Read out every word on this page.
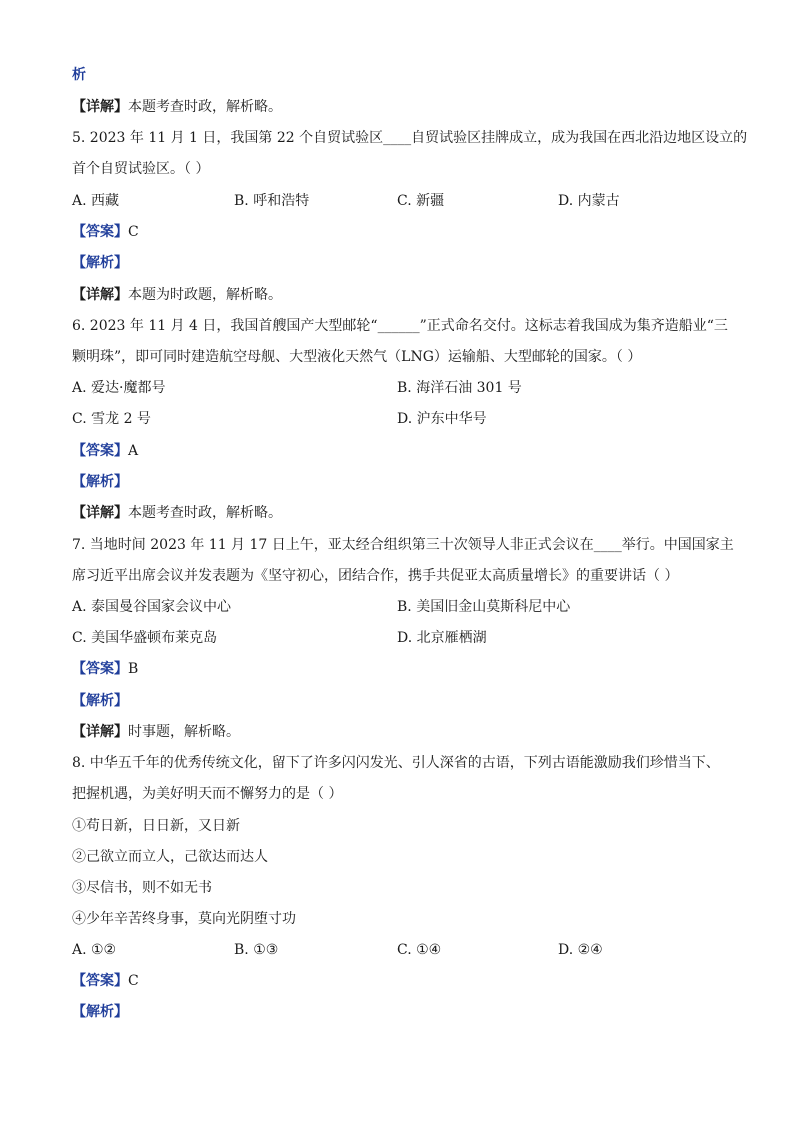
析
【详解】本题考查时政，解析略。
5. 2023 年 11 月 1 日，我国第 22 个自贸试验区____自贸试验区挂牌成立，成为我国在西北沿边地区设立的
首个自贸试验区。（ ）
A. 西藏	B. 呼和浩特	C. 新疆	D. 内蒙古
【答案】C
【解析】
【详解】本题为时政题，解析略。
6. 2023 年 11 月 4 日，我国首艘国产大型邮轮“______”正式命名交付。这标志着我国成为集齐造船业“三
颗明珠”，即可同时建造航空母舰、大型液化天然气（LNG）运输船、大型邮轮的国家。（ ）
A. 爱达·魔都号	B. 海洋石油 301 号
C. 雪龙 2 号	D. 沪东中华号
【答案】A
【解析】
【详解】本题考查时政，解析略。
7. 当地时间 2023 年 11 月 17 日上午，亚太经合组织第三十次领导人非正式会议在____举行。中国国家主
席习近平出席会议并发表题为《坚守初心，团结合作，携手共促亚太高质量增长》的重要讲话（ ）
A. 泰国曼谷国家会议中心	B. 美国旧金山莫斯科尼中心
C. 美国华盛顿布莱克岛	D. 北京雁栖湖
【答案】B
【解析】
【详解】时事题，解析略。
8. 中华五千年的优秀传统文化，留下了许多闪闪发光、引人深省的古语，下列古语能激励我们珍惜当下、
把握机遇，为美好明天而不懈努力的是（ ）
①苟日新，日日新，又日新
②己欲立而立人，己欲达而达人
③尽信书，则不如无书
④少年辛苦终身事，莫向光阴堕寸功
A. ①②	B. ①③	C. ①④	D. ②④
【答案】C
【解析】
